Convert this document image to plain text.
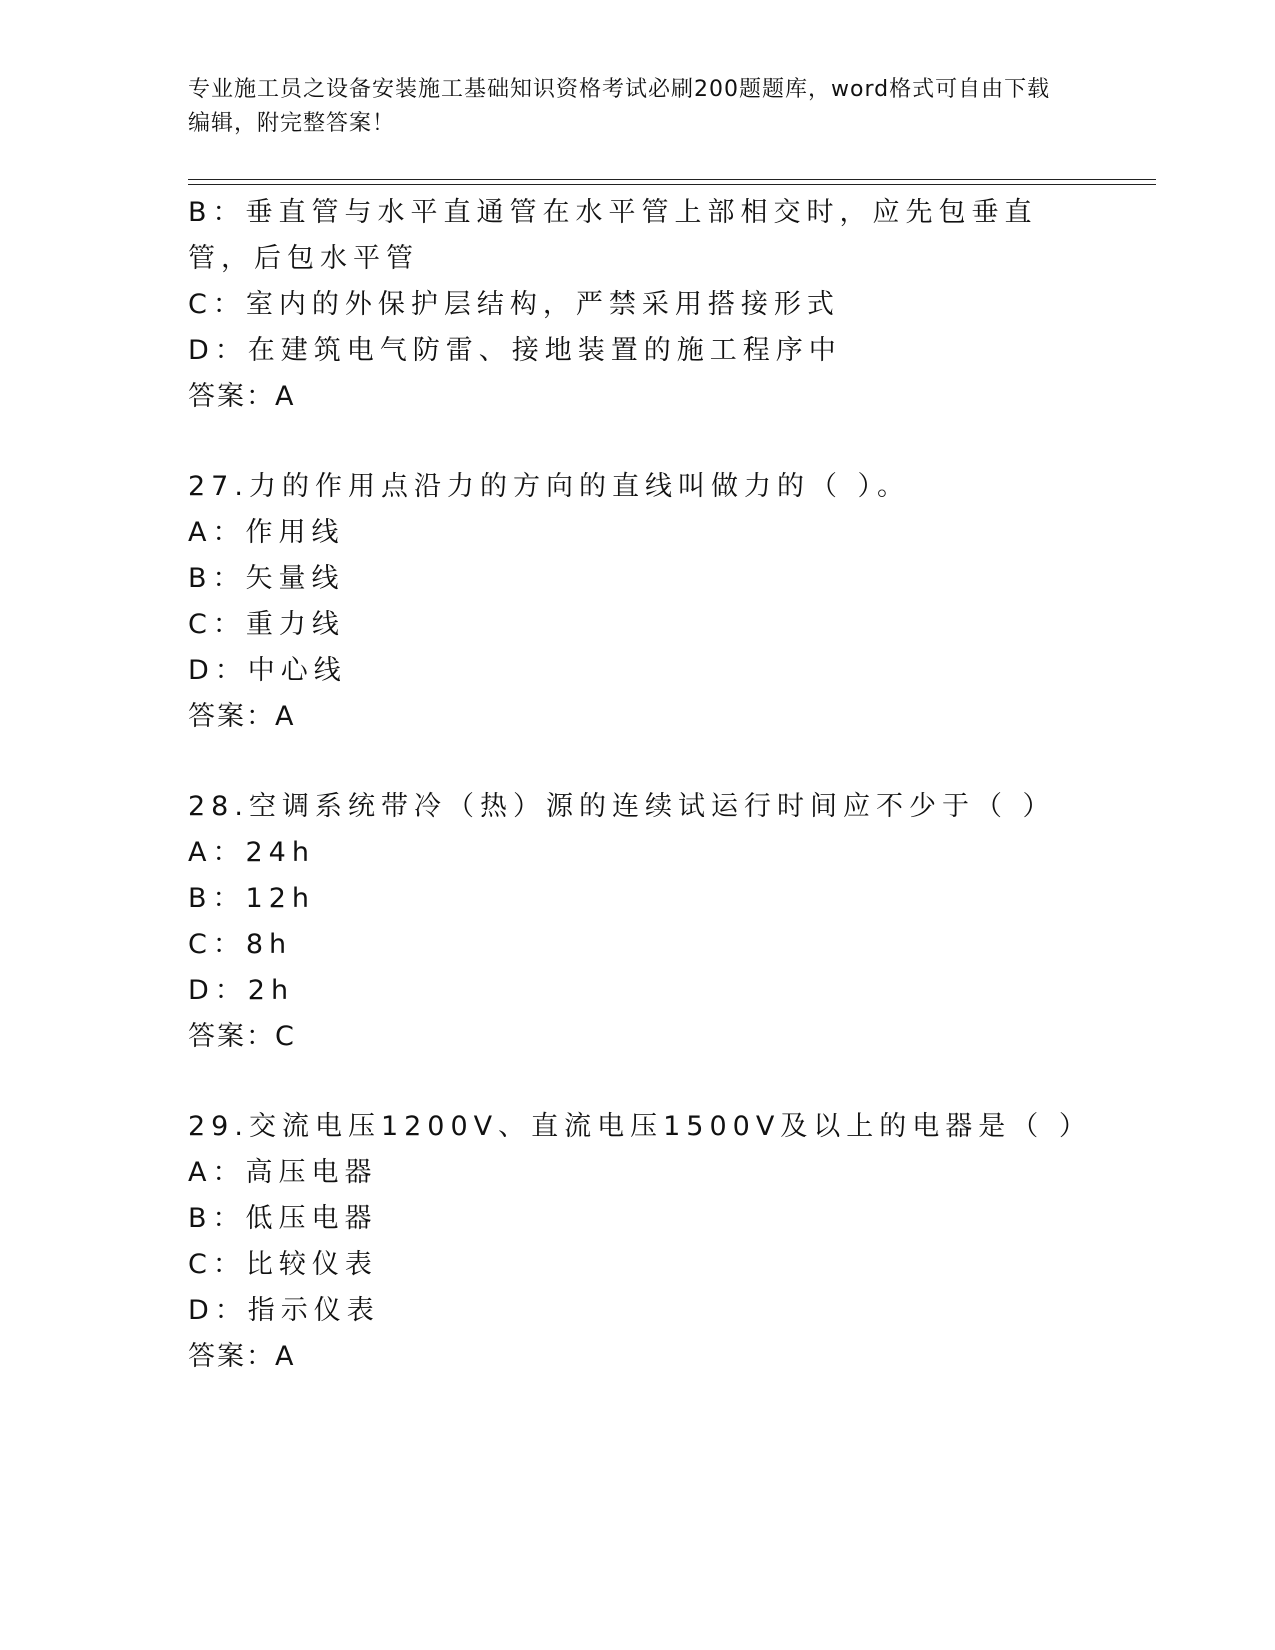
专业施工员之设备安装施工基础知识资格考试必刷200题题库，word格式可自由下载编辑，附完整答案！
B：垂直管与水平直通管在水平管上部相交时，应先包垂直管，后包水平管
C：室内的外保护层结构，严禁采用搭接形式
D：在建筑电气防雷、接地装置的施工程序中
答案：A
27.力的作用点沿力的方向的直线叫做力的（ ）。
A：作用线
B：矢量线
C：重力线
D：中心线
答案：A
28.空调系统带冷（热）源的连续试运行时间应不少于（ ）
A：24h
B：12h
C：8h
D：2h
答案：C
29.交流电压1200V、直流电压1500V及以上的电器是（ ）
A：高压电器
B：低压电器
C：比较仪表
D：指示仪表
答案：A
